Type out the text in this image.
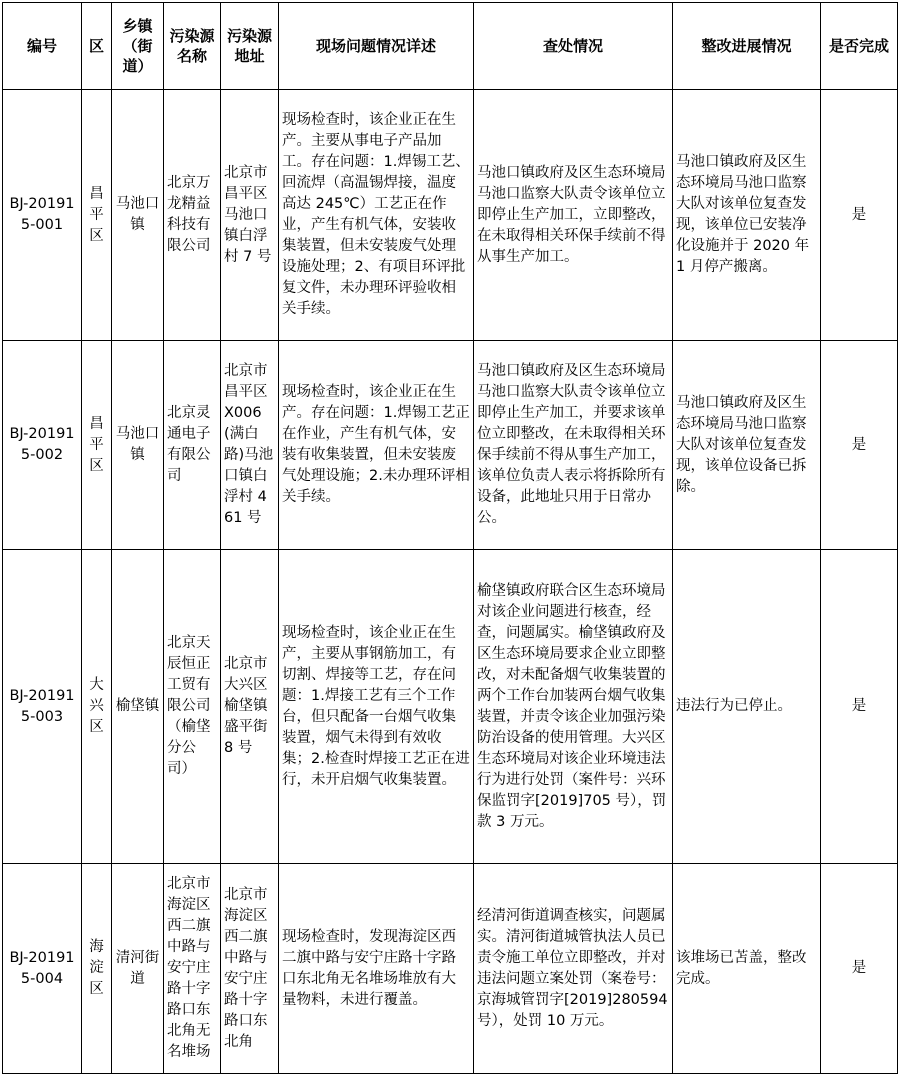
编号	区	乡镇（街道）	污染源名称	污染源地址	现场问题情况详述	查处情况	整改进展情况	是否完成
BJ-201915-001	昌平区	马池口镇	北京万龙精益科技有限公司	北京市昌平区马池口镇白浮村 7 号	现场检查时，该企业正在生产。主要从事电子产品加工。存在问题：1.焊锡工艺、回流焊（高温锡焊接，温度高达 245℃）工艺正在作业，产生有机气体，安装收集装置，但未安装废气处理设施处理；2、有项目环评批复文件，未办理环评验收相关手续。	马池口镇政府及区生态环境局马池口监察大队责令该单位立即停止生产加工，立即整改，在未取得相关环保手续前不得从事生产加工。	马池口镇政府及区生态环境局马池口监察大队对该单位复查发现，该单位已安装净化设施并于 2020 年 1 月停产搬离。	是
BJ-201915-002	昌平区	马池口镇	北京灵通电子有限公司	北京市昌平区 X006(满白路)马池口镇白浮村 461 号	现场检查时，该企业正在生产。存在问题：1.焊锡工艺正在作业，产生有机气体，安装有收集装置，但未安装废气处理设施；2.未办理环评相关手续。	马池口镇政府及区生态环境局马池口监察大队责令该单位立即停止生产加工，并要求该单位立即整改，在未取得相关环保手续前不得从事生产加工，该单位负责人表示将拆除所有设备，此地址只用于日常办公。	马池口镇政府及区生态环境局马池口监察大队对该单位复查发现，该单位设备已拆除。	是
BJ-201915-003	大兴区	榆垡镇	北京天辰恒正工贸有限公司（榆垡分公司）	北京市大兴区榆垡镇盛平街 8 号	现场检查时，该企业正在生产，主要从事钢筋加工，有切割、焊接等工艺，存在问题：1.焊接工艺有三个工作台，但只配备一台烟气收集装置，烟气未得到有效收集；2.检查时焊接工艺正在进行，未开启烟气收集装置。	榆垡镇政府联合区生态环境局对该企业问题进行核查，经查，问题属实。榆垡镇政府及区生态环境局要求企业立即整改，对未配备烟气收集装置的两个工作台加装两台烟气收集装置，并责令该企业加强污染防治设备的使用管理。大兴区生态环境局对该企业环境违法行为进行处罚（案件号：兴环保监罚字[2019]705 号），罚款 3 万元。	违法行为已停止。	是
BJ-201915-004	海淀区	清河街道	北京市海淀区西二旗中路与安宁庄路十字路口东北角无名堆场	北京市海淀区西二旗中路与安宁庄路十字路口东北角	现场检查时，发现海淀区西二旗中路与安宁庄路十字路口东北角无名堆场堆放有大量物料，未进行覆盖。	经清河街道调查核实，问题属实。清河街道城管执法人员已责令施工单位立即整改，并对违法问题立案处罚（案卷号：京海城管罚字[2019]280594 号），处罚 10 万元。	该堆场已苫盖，整改完成。	是
